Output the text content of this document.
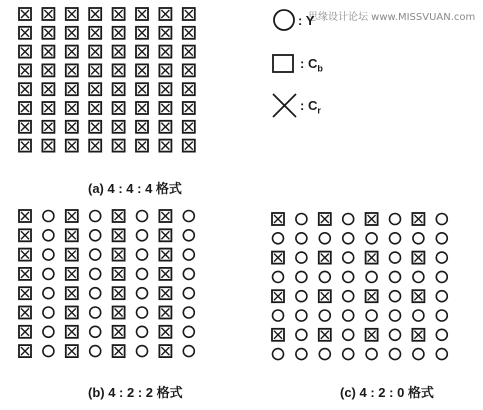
思缘设计论坛 www.MISSVUAN.com
: Y
: $C_b$
: $C_r$
(a) 4 : 4 : 4 格式
(b) 4 : 2 : 2 格式	(c) 4 : 2 : 0 格式
